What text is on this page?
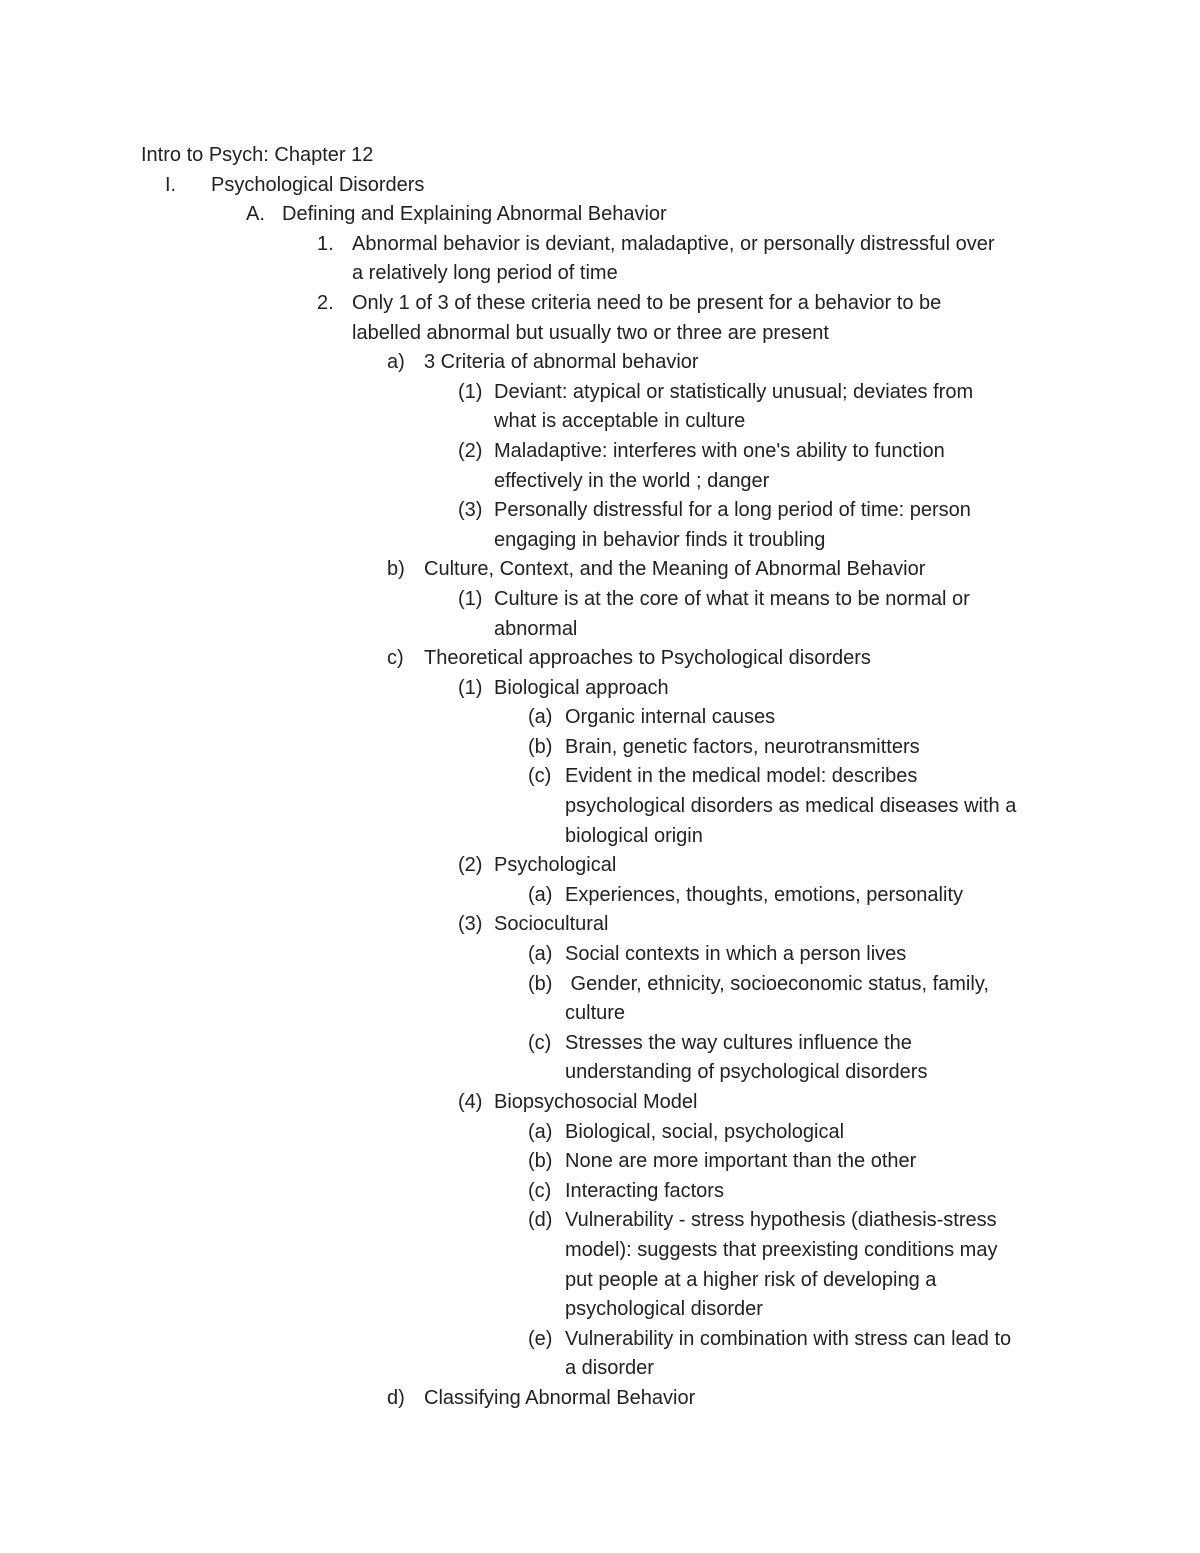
Intro to Psych: Chapter 12
I. Psychological Disorders
A. Defining and Explaining Abnormal Behavior
1. Abnormal behavior is deviant, maladaptive, or personally distressful over
a relatively long period of time
2. Only 1 of 3 of these criteria need to be present for a behavior to be
labelled abnormal but usually two or three are present
a) 3 Criteria of abnormal behavior
(1) Deviant: atypical or statistically unusual; deviates from
what is acceptable in culture
(2) Maladaptive: interferes with one's ability to function
effectively in the world ; danger
(3) Personally distressful for a long period of time: person
engaging in behavior finds it troubling
b) Culture, Context, and the Meaning of Abnormal Behavior
(1) Culture is at the core of what it means to be normal or
abnormal
c) Theoretical approaches to Psychological disorders
(1) Biological approach
(a) Organic internal causes
(b) Brain, genetic factors, neurotransmitters
(c) Evident in the medical model: describes
psychological disorders as medical diseases with a
biological origin
(2) Psychological
(a) Experiences, thoughts, emotions, personality
(3) Sociocultural
(a) Social contexts in which a person lives
(b) Gender, ethnicity, socioeconomic status, family,
culture
(c) Stresses the way cultures influence the
understanding of psychological disorders
(4) Biopsychosocial Model
(a) Biological, social, psychological
(b) None are more important than the other
(c) Interacting factors
(d) Vulnerability - stress hypothesis (diathesis-stress
model): suggests that preexisting conditions may
put people at a higher risk of developing a
psychological disorder
(e) Vulnerability in combination with stress can lead to
a disorder
d) Classifying Abnormal Behavior
